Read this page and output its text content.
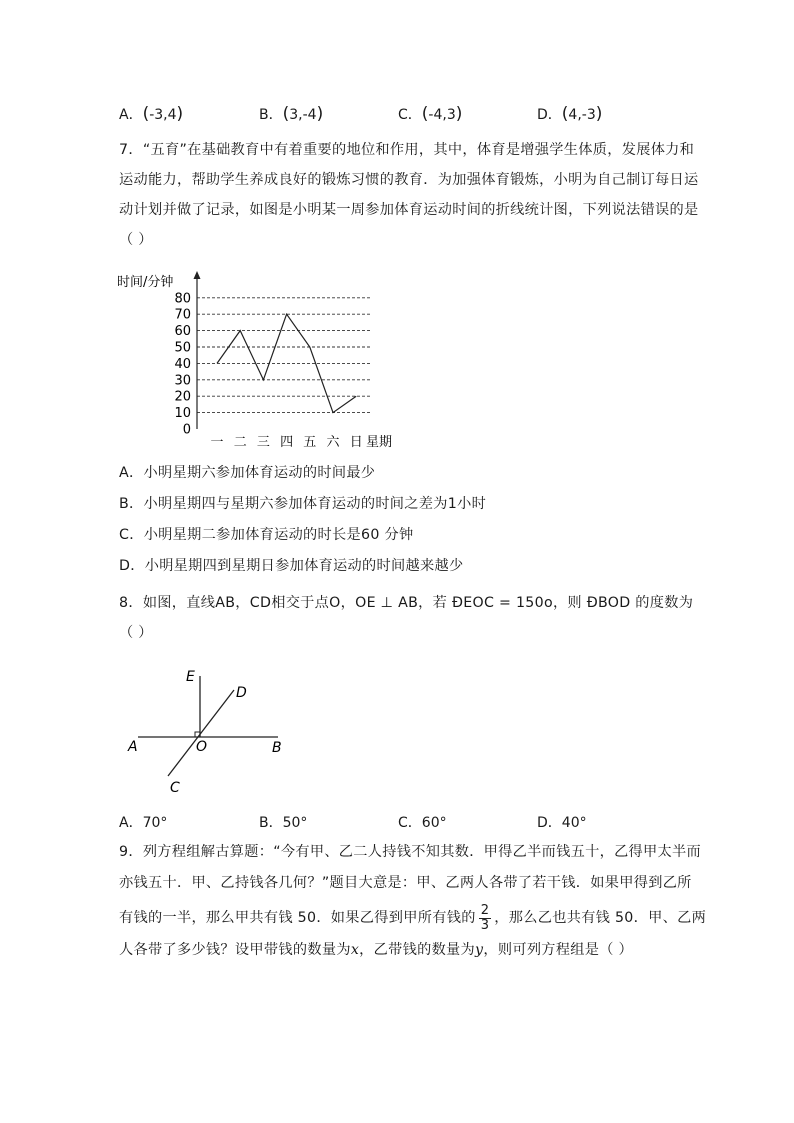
A．(-3,4)	B．(3,-4)	C．(-4,3)	D．(4,-3)
7．“五育”在基础教育中有着重要的地位和作用，其中，体育是增强学生体质，发展体力和
运动能力，帮助学生养成良好的锻炼习惯的教育．为加强体育锻炼，小明为自己制订每日运
动计划并做了记录，如图是小明某一周参加体育运动时间的折线统计图，下列说法错误的是
（ ）
时间/分钟
80
70
60
50
40
30
20
10
0
一 二 三 四 五 六 日 星期
A．小明星期六参加体育运动的时间最少
B．小明星期四与星期六参加体育运动的时间之差为1小时
C．小明星期二参加体育运动的时长是60 分钟
D．小明星期四到星期日参加体育运动的时间越来越少
8．如图，直线AB，CD相交于点O，OE ⊥ AB，若 ÐEOC = 150o，则 ÐBOD 的度数为
（ ）
E
D
A	O	B
C
A．70°	B．50°	C．60°	D．40°
9．列方程组解古算题：“今有甲、乙二人持钱不知其数．甲得乙半而钱五十，乙得甲太半而
亦钱五十．甲、乙持钱各几何？”题目大意是：甲、乙两人各带了若干钱．如果甲得到乙所
有钱的一半，那么甲共有钱 50．如果乙得到甲所有钱的 2
3 ，那么乙也共有钱 50．甲、乙两
人各带了多少钱？设甲带钱的数量为x，乙带钱的数量为y，则可列方程组是（ ）
